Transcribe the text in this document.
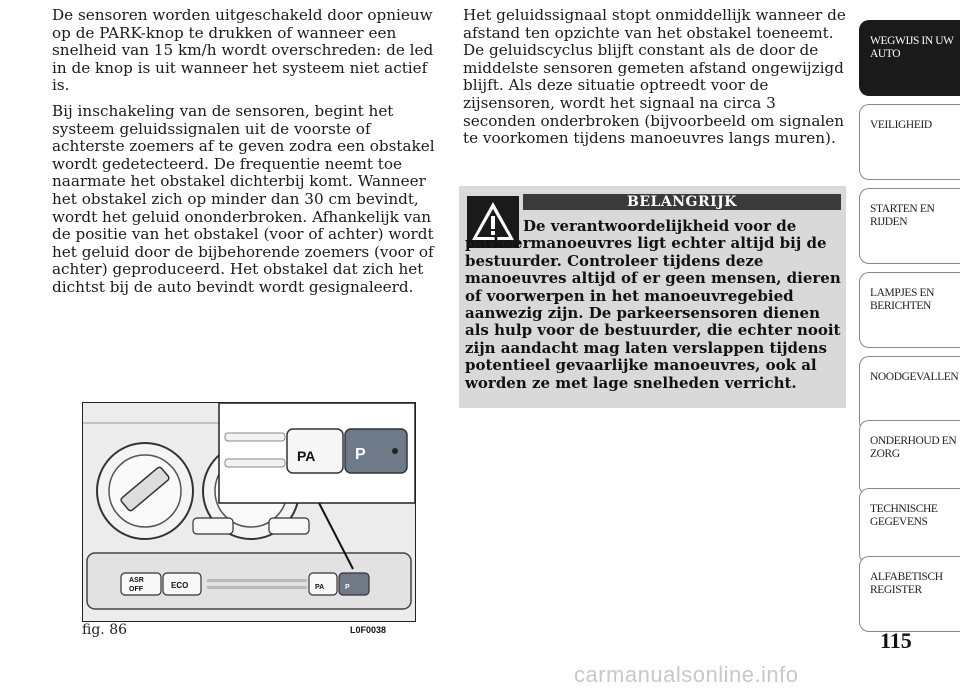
De sensoren worden uitgeschakeld door opnieuw op de PARK-knop te drukken of wanneer een snelheid van 15 km/h wordt overschreden: de led in de knop is uit wanneer het systeem niet actief is.

Bij inschakeling van de sensoren, begint het systeem geluidssignalen uit de voorste of achterste zoemers af te geven zodra een obstakel wordt gedetecteerd. De frequentie neemt toe naarmate het obstakel dichterbij komt. Wanneer het obstakel zich op minder dan 30 cm bevindt, wordt het geluid ononderbroken. Afhankelijk van de positie van het obstakel (voor of achter) wordt het geluid door de bijbehorende zoemers (voor of achter) geproduceerd. Het obstakel dat zich het dichtst bij de auto bevindt wordt gesignaleerd.

Het geluidssignaal stopt onmiddellijk wanneer de afstand ten opzichte van het obstakel toeneemt. De geluidscyclus blijft constant als de door de middelste sensoren gemeten afstand ongewijzigd blijft. Als deze situatie optreedt voor de zijsensoren, wordt het signaal na circa 3 seconden onderbroken (bijvoorbeeld om signalen te voorkomen tijdens manoeuvres langs muren).

BELANGRIJK
De verantwoordelijkheid voor de parkeermanoeuvres ligt echter altijd bij de bestuurder. Controleer tijdens deze manoeuvres altijd of er geen mensen, dieren of voorwerpen in het manoeuvregebied aanwezig zijn. De parkeersensoren dienen als hulp voor de bestuurder, die echter nooit zijn aandacht mag laten verslappen tijdens potentieel gevaarlijke manoeuvres, ook al worden ze met lage snelheden verricht.
ASR
OFF	ECO	PA	P
PA P
fig. 86	L0F0038
WEGWIJS IN UW AUTO
VEILIGHEID
STARTEN EN RIJDEN
LAMPJES EN BERICHTEN
NOODGEVALLEN
ONDERHOUD EN ZORG
TECHNISCHE GEGEVENS
ALFABETISCH REGISTER
115
carmanualsonline.info
